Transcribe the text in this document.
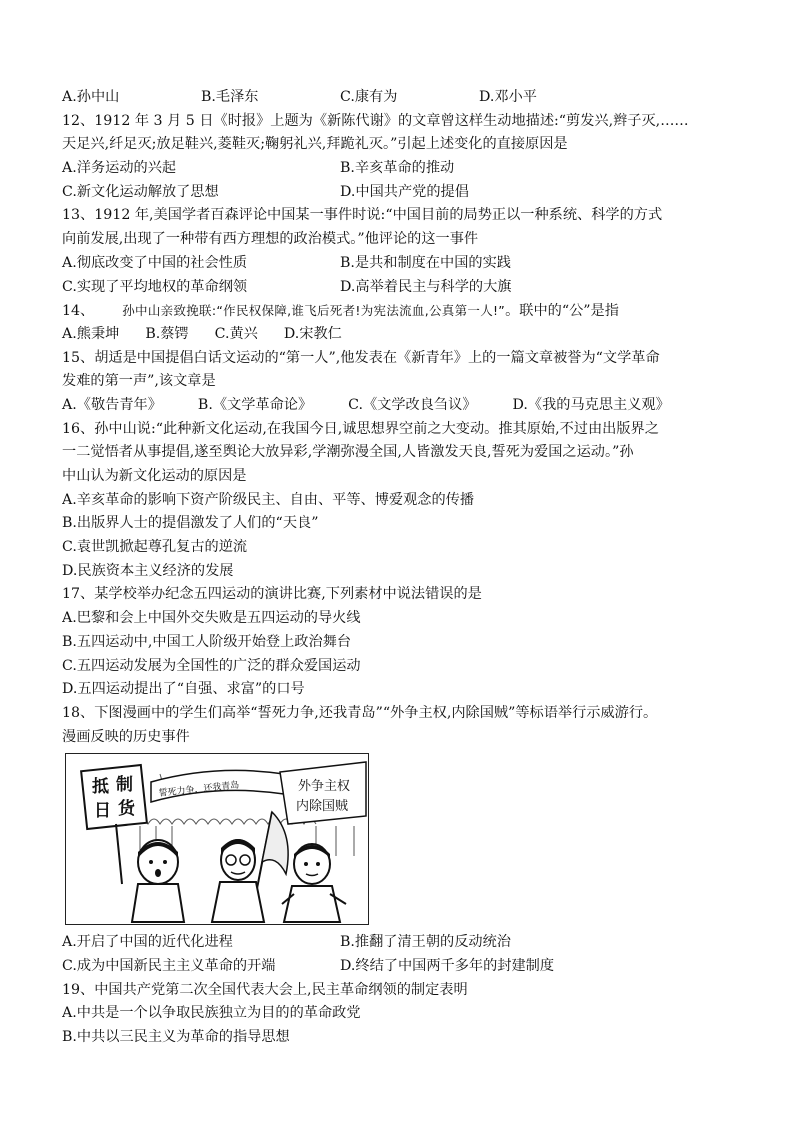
A.孙中山	B.毛泽东	C.康有为	D.邓小平
12、1912 年 3 月 5 日《时报》上题为《新陈代谢》的文章曾这样生动地描述:“剪发兴,辫子灭,……
天足兴,纤足灭;放足鞋兴,菱鞋灭;鞠躬礼兴,拜跪礼灭。”引起上述变化的直接原因是
A.洋务运动的兴起	B.辛亥革命的推动
C.新文化运动解放了思想	D.中国共产党的提倡
13、1912 年,美国学者百森评论中国某一事件时说:“中国目前的局势正以一种系统、科学的方式
向前发展,出现了一种带有西方理想的政治模式。”他评论的这一事件
A.彻底改变了中国的社会性质	B.是共和制度在中国的实践
C.实现了平均地权的革命纲领	D.高举着民主与科学的大旗
14、 孙中山亲致挽联:“作民权保障,谁飞后死者!为宪法流血,公真第一人!”。联中的“公”是指
A.熊秉坤 B.蔡锷 C.黄兴 D.宋教仁
15、胡适是中国提倡白话文运动的“第一人”,他发表在《新青年》上的一篇文章被誉为“文学革命
发难的第一声”,该文章是
A.《敬告青年》	B.《文学革命论》	C.《文学改良刍议》	D.《我的马克思主义观》
16、孙中山说:“此种新文化运动,在我国今日,诚思想界空前之大变动。推其原始,不过由出版界之
一二觉悟者从事提倡,遂至舆论大放异彩,学潮弥漫全国,人皆激发天良,誓死为爱国之运动。”孙
中山认为新文化运动的原因是
A.辛亥革命的影响下资产阶级民主、自由、平等、博爱观念的传播
B.出版界人士的提倡激发了人们的“天良”
C.袁世凯掀起尊孔复古的逆流
D.民族资本主义经济的发展
17、某学校举办纪念五四运动的演讲比赛,下列素材中说法错误的是
A.巴黎和会上中国外交失败是五四运动的导火线
B.五四运动中,中国工人阶级开始登上政治舞台
C.五四运动发展为全国性的广泛的群众爱国运动
D.五四运动提出了“自强、求富”的口号
18、下图漫画中的学生们高举“誓死力争,还我青岛”“外争主权,内除国贼”等标语举行示威游行。
漫画反映的历史事件
抵 制 日 货
誓死力争，还我青岛	外争主权 内除国贼
A.开启了中国的近代化进程	B.推翻了清王朝的反动统治
C.成为中国新民主主义革命的开端	D.终结了中国两千多年的封建制度
19、中国共产党第二次全国代表大会上,民主革命纲领的制定表明
A.中共是一个以争取民族独立为目的的革命政党
B.中共以三民主义为革命的指导思想
